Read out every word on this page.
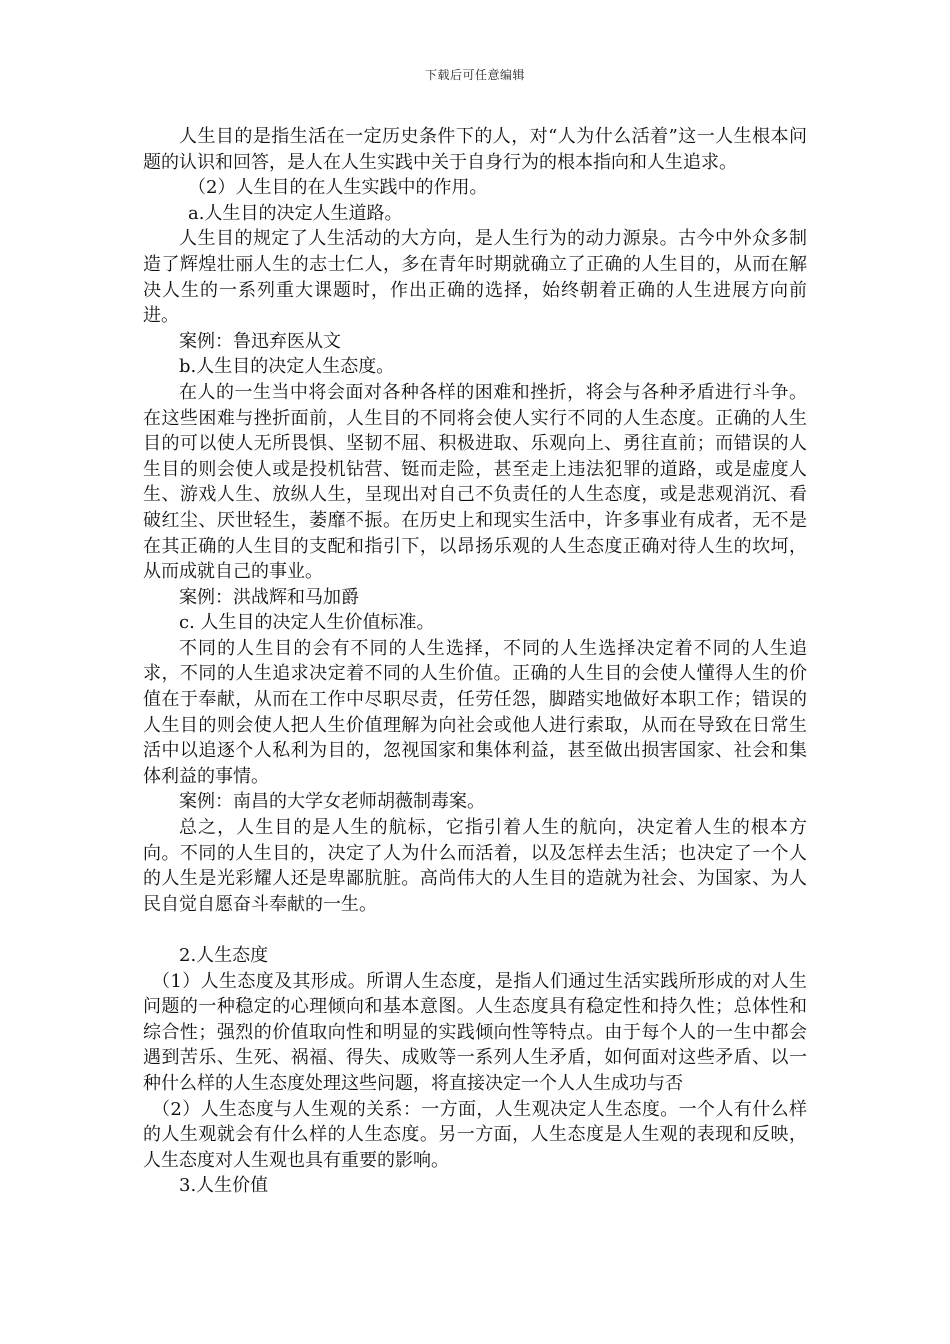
下载后可任意编辑

人生目的是指生活在一定历史条件下的人，对“人为什么活着”这一人生根本问题的认识和回答，是人在人生实践中关于自身行为的根本指向和人生追求。

（2）人生目的在人生实践中的作用。

a.人生目的决定人生道路。

人生目的规定了人生活动的大方向，是人生行为的动力源泉。古今中外众多制造了辉煌壮丽人生的志士仁人，多在青年时期就确立了正确的人生目的，从而在解决人生的一系列重大课题时，作出正确的选择，始终朝着正确的人生进展方向前进。

案例：鲁迅弃医从文

b.人生目的决定人生态度。

在人的一生当中将会面对各种各样的困难和挫折，将会与各种矛盾进行斗争。在这些困难与挫折面前，人生目的不同将会使人实行不同的人生态度。正确的人生目的可以使人无所畏惧、坚韧不屈、积极进取、乐观向上、勇往直前；而错误的人生目的则会使人或是投机钻营、铤而走险，甚至走上违法犯罪的道路，或是虚度人生、游戏人生、放纵人生，呈现出对自己不负责任的人生态度，或是悲观消沉、看破红尘、厌世轻生，萎靡不振。在历史上和现实生活中，许多事业有成者，无不是在其正确的人生目的支配和指引下，以昂扬乐观的人生态度正确对待人生的坎坷，从而成就自己的事业。

案例：洪战辉和马加爵

c. 人生目的决定人生价值标准。

不同的人生目的会有不同的人生选择，不同的人生选择决定着不同的人生追求，不同的人生追求决定着不同的人生价值。正确的人生目的会使人懂得人生的价值在于奉献，从而在工作中尽职尽责，任劳任怨，脚踏实地做好本职工作；错误的人生目的则会使人把人生价值理解为向社会或他人进行索取，从而在导致在日常生活中以追逐个人私利为目的，忽视国家和集体利益，甚至做出损害国家、社会和集体利益的事情。

案例：南昌的大学女老师胡薇制毒案。

总之，人生目的是人生的航标，它指引着人生的航向，决定着人生的根本方向。不同的人生目的，决定了人为什么而活着，以及怎样去生活；也决定了一个人的人生是光彩耀人还是卑鄙肮脏。高尚伟大的人生目的造就为社会、为国家、为人民自觉自愿奋斗奉献的一生。

2.人生态度

（1）人生态度及其形成。所谓人生态度，是指人们通过生活实践所形成的对人生问题的一种稳定的心理倾向和基本意图。人生态度具有稳定性和持久性；总体性和综合性；强烈的价值取向性和明显的实践倾向性等特点。由于每个人的一生中都会遇到苦乐、生死、祸福、得失、成败等一系列人生矛盾，如何面对这些矛盾、以一种什么样的人生态度处理这些问题，将直接决定一个人人生成功与否

（2）人生态度与人生观的关系：一方面，人生观决定人生态度。一个人有什么样的人生观就会有什么样的人生态度。另一方面，人生态度是人生观的表现和反映，人生态度对人生观也具有重要的影响。

3.人生价值
